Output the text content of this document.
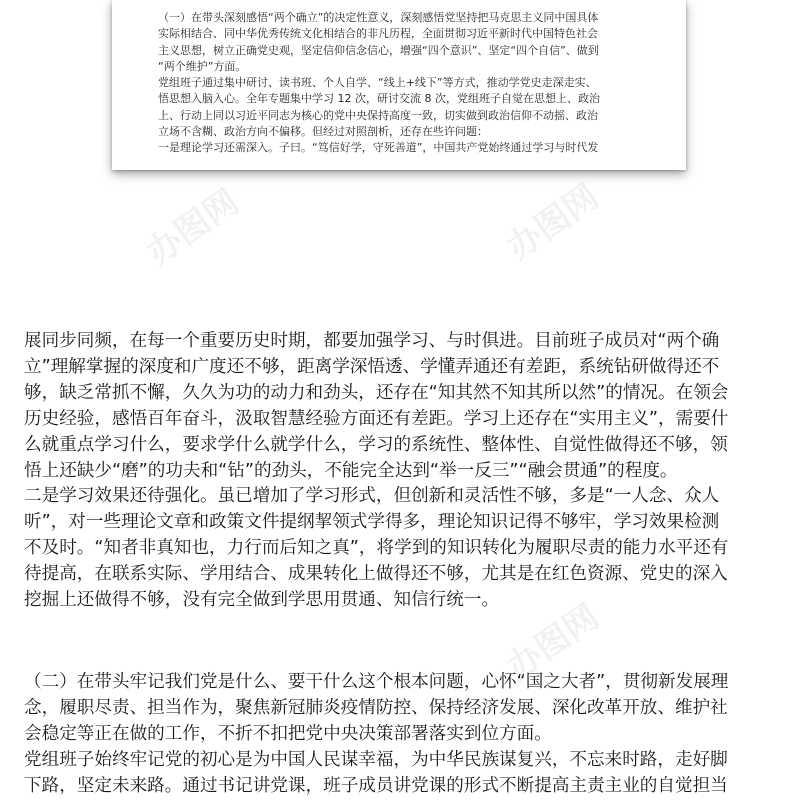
（一）在带头深刻感悟“两个确立”的决定性意义，深刻感悟党坚持把马克思主义同中国具体
实际相结合、同中华优秀传统文化相结合的非凡历程，全面贯彻习近平新时代中国特色社会
主义思想，树立正确党史观，坚定信仰信念信心，增强“四个意识”、坚定“四个自信”、做到
“两个维护”方面。
党组班子通过集中研讨、读书班、个人自学、“线上+线下”等方式，推动学党史走深走实、
悟思想入脑入心。全年专题集中学习 12 次，研讨交流 8 次，党组班子自觉在思想上、政治
上、行动上同以习近平同志为核心的党中央保持高度一致，切实做到政治信仰不动摇、政治
立场不含糊、政治方向不偏移。但经过对照剖析，还存在些许问题：
一是理论学习还需深入。子曰。“笃信好学，守死善道”，中国共产党始终通过学习与时代发
展同步同频，在每一个重要历史时期，都要加强学习、与时俱进。目前班子成员对“两个确
立”理解掌握的深度和广度还不够，距离学深悟透、学懂弄通还有差距，系统钻研做得还不
够，缺乏常抓不懈，久久为功的动力和劲头，还存在“知其然不知其所以然”的情况。在领会
历史经验，感悟百年奋斗，汲取智慧经验方面还有差距。学习上还存在“实用主义”，需要什
么就重点学习什么，要求学什么就学什么，学习的系统性、整体性、自觉性做得还不够，领
悟上还缺少“磨”的功夫和“钻”的劲头，不能完全达到“举一反三”“融会贯通”的程度。
二是学习效果还待强化。虽已增加了学习形式，但创新和灵活性不够，多是“一人念、众人
听”，对一些理论文章和政策文件提纲挈领式学得多，理论知识记得不够牢，学习效果检测
不及时。“知者非真知也，力行而后知之真”，将学到的知识转化为履职尽责的能力水平还有
待提高，在联系实际、学用结合、成果转化上做得还不够，尤其是在红色资源、党史的深入
挖掘上还做得不够，没有完全做到学思用贯通、知信行统一。
（二）在带头牢记我们党是什么、要干什么这个根本问题，心怀“国之大者”，贯彻新发展理
念，履职尽责、担当作为，聚焦新冠肺炎疫情防控、保持经济发展、深化改革开放、维护社
会稳定等正在做的工作，不折不扣把党中央决策部署落实到位方面。
党组班子始终牢记党的初心是为中国人民谋幸福，为中华民族谋复兴，不忘来时路，走好脚
下路，坚定未来路。通过书记讲党课，班子成员讲党课的形式不断提高主责主业的自觉担当
办图网	办图网
办图网
